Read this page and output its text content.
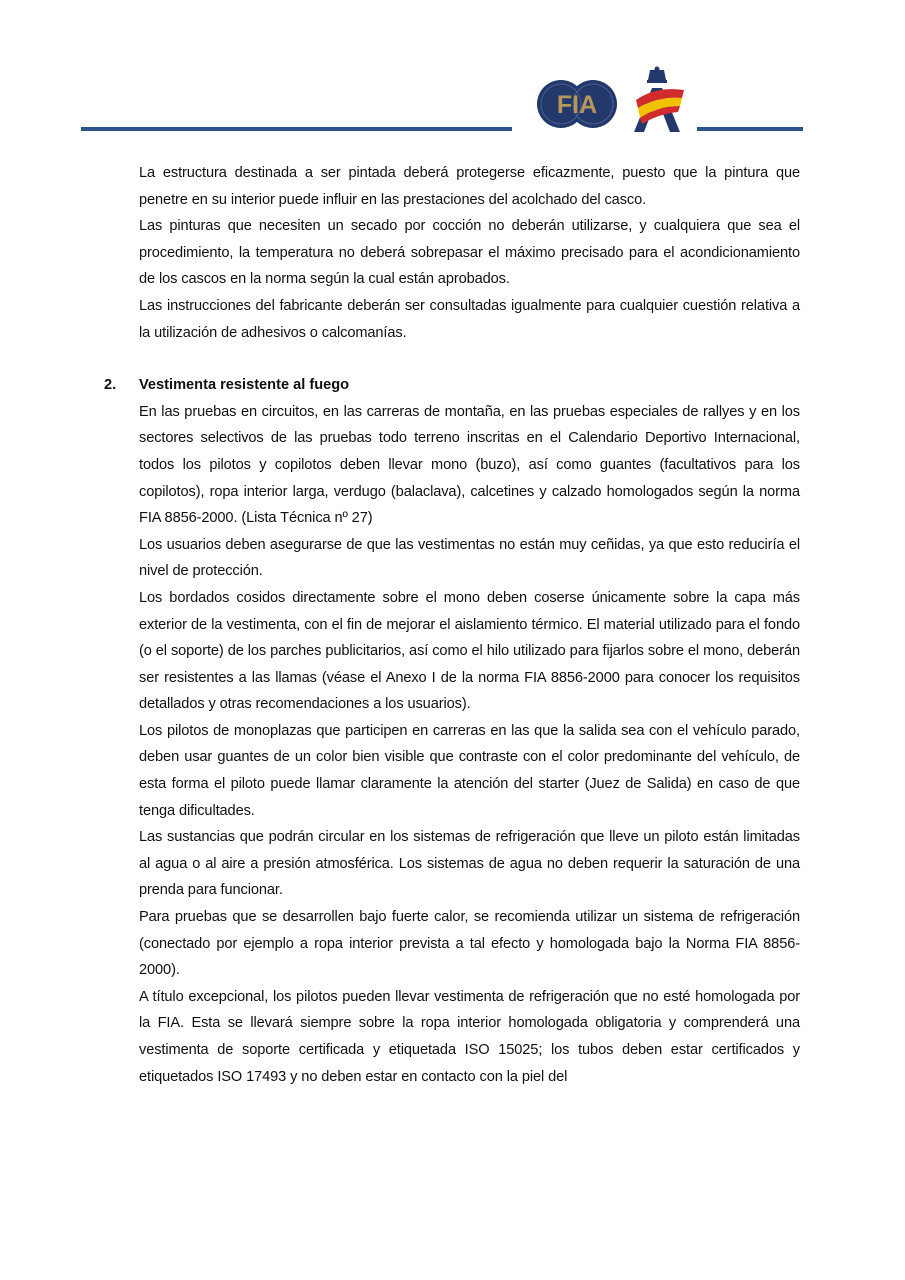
FIA

La estructura destinada a ser pintada deberá protegerse eficazmente, puesto que la pintura que penetre en su interior puede influir en las prestaciones del acolchado del casco.

Las pinturas que necesiten un secado por cocción no deberán utilizarse, y cualquiera que sea el procedimiento, la temperatura no deberá sobrepasar el máximo precisado para el acondicionamiento de los cascos en la norma según la cual están aprobados.

Las instrucciones del fabricante deberán ser consultadas igualmente para cualquier cuestión relativa a la utilización de adhesivos o calcomanías.

2. Vestimenta resistente al fuego

En las pruebas en circuitos, en las carreras de montaña, en las pruebas especiales de rallyes y en los sectores selectivos de las pruebas todo terreno inscritas en el Calendario Deportivo Internacional, todos los pilotos y copilotos deben llevar mono (buzo), así como guantes (facultativos para los copilotos), ropa interior larga, verdugo (balaclava), calcetines y calzado homologados según la norma FIA 8856-2000. (Lista Técnica nº 27)

Los usuarios deben asegurarse de que las vestimentas no están muy ceñidas, ya que esto reduciría el nivel de protección.

Los bordados cosidos directamente sobre el mono deben coserse únicamente sobre la capa más exterior de la vestimenta, con el fin de mejorar el aislamiento térmico. El material utilizado para el fondo (o el soporte) de los parches publicitarios, así como el hilo utilizado para fijarlos sobre el mono, deberán ser resistentes a las llamas (véase el Anexo I de la norma FIA 8856-2000 para conocer los requisitos detallados y otras recomendaciones a los usuarios).

Los pilotos de monoplazas que participen en carreras en las que la salida sea con el vehículo parado, deben usar guantes de un color bien visible que contraste con el color predominante del vehículo, de esta forma el piloto puede llamar claramente la atención del starter (Juez de Salida) en caso de que tenga dificultades.

Las sustancias que podrán circular en los sistemas de refrigeración que lleve un piloto están limitadas al agua o al aire a presión atmosférica. Los sistemas de agua no deben requerir la saturación de una prenda para funcionar.

Para pruebas que se desarrollen bajo fuerte calor, se recomienda utilizar un sistema de refrigeración (conectado por ejemplo a ropa interior prevista a tal efecto y homologada bajo la Norma FIA 8856-2000).

A título excepcional, los pilotos pueden llevar vestimenta de refrigeración que no esté homologada por la FIA. Esta se llevará siempre sobre la ropa interior homologada obligatoria y comprenderá una vestimenta de soporte certificada y etiquetada ISO 15025; los tubos deben estar certificados y etiquetados ISO 17493 y no deben estar en contacto con la piel del
